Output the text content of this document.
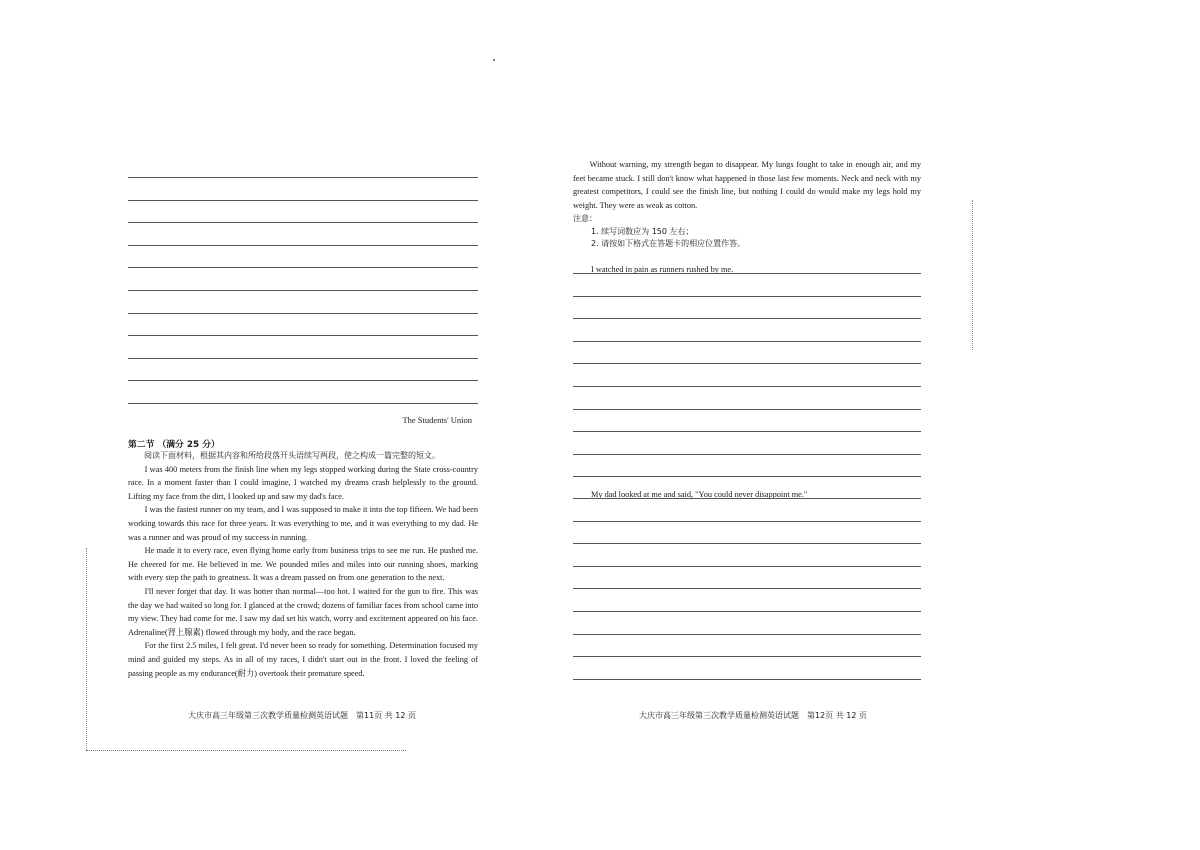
The Students' Union
第二节 （满分 25 分）

阅读下面材料，根据其内容和所给段落开头语续写两段，使之构成一篇完整的短文。

I was 400 meters from the finish line when my legs stopped working during the State cross-country race. In a moment faster than I could imagine, I watched my dreams crash helplessly to the ground. Lifting my face from the dirt, I looked up and saw my dad's face.

I was the fastest runner on my team, and I was supposed to make it into the top fifteen. We had been working towards this race for three years. It was everything to me, and it was everything to my dad. He was a runner and was proud of my success in running.

He made it to every race, even flying home early from business trips to see me run. He pushed me. He cheered for me. He believed in me. We pounded miles and miles into our running shoes, marking with every step the path to greatness. It was a dream passed on from one generation to the next.

I'll never forget that day. It was hotter than normal—too hot. I waited for the gun to fire. This was the day we had waited so long for. I glanced at the crowd; dozens of familiar faces from school came into my view. They had come for me. I saw my dad set his watch, worry and excitement appeared on his face. Adrenaline(肾上腺素) flowed through my body, and the race began.

For the first 2.5 miles, I felt great. I'd never been so ready for something. Determination focused my mind and guided my steps. As in all of my races, I didn't start out in the front. I loved the feeling of passing people as my endurance(耐力) overtook their premature speed.

大庆市高三年级第三次教学质量检测英语试题　第11页 共 12 页

Without warning, my strength began to disappear. My lungs fought to take in enough air, and my feet became stuck. I still don't know what happened in those last few moments. Neck and neck with my greatest competitors, I could see the finish line, but nothing I could do would make my legs hold my weight. They were as weak as cotton.

注意：

1. 续写词数应为 150 左右；

2. 请按如下格式在答题卡的相应位置作答。

I watched in pain as runners rushed by me.
My dad looked at me and said, "You could never disappoint me."
大庆市高三年级第三次教学质量检测英语试题　第12页 共 12 页
